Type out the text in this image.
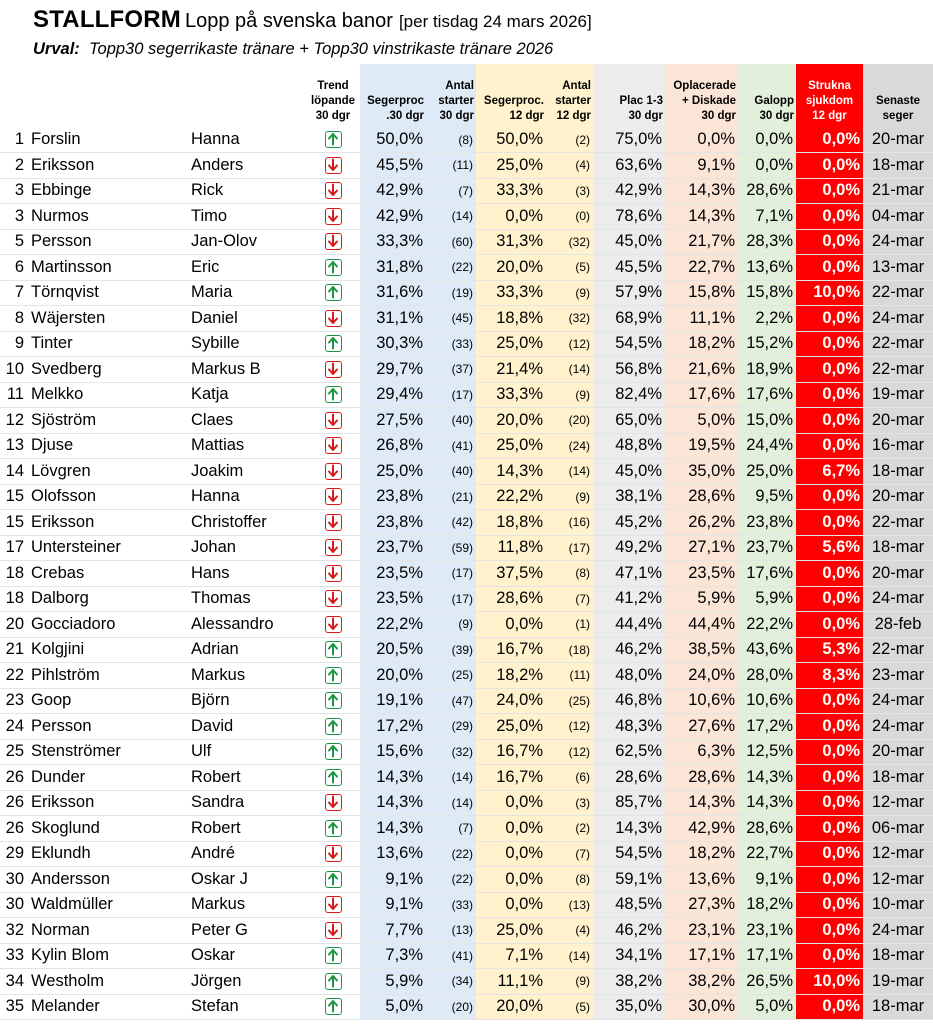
STALLFORM Lopp på svenska banor [per tisdag 24 mars 2026]
Urval: Topp30 segerrikaste tränare + Topp30 vinstrikaste tränare 2026
			Trend
löpande
30 dgr	Segerproc
.30 dgr	Antal
starter
30 dgr	Segerproc.
12 dgr	Antal
starter
12 dgr	Plac 1-3
30 dgr	Oplacerade
+ Diskade
30 dgr	Galopp
30 dgr	Strukna
sjukdom
12 dgr	Senaste
seger
1	Forslin	Hanna		50,0%	(8)	50,0%	(2)	75,0%	0,0%	0,0%	0,0%	20-mar
2	Eriksson	Anders		45,5%	(11)	25,0%	(4)	63,6%	9,1%	0,0%	0,0%	18-mar
3	Ebbinge	Rick		42,9%	(7)	33,3%	(3)	42,9%	14,3%	28,6%	0,0%	21-mar
3	Nurmos	Timo		42,9%	(14)	0,0%	(0)	78,6%	14,3%	7,1%	0,0%	04-mar
5	Persson	Jan-Olov		33,3%	(60)	31,3%	(32)	45,0%	21,7%	28,3%	0,0%	24-mar
6	Martinsson	Eric		31,8%	(22)	20,0%	(5)	45,5%	22,7%	13,6%	0,0%	13-mar
7	Törnqvist	Maria		31,6%	(19)	33,3%	(9)	57,9%	15,8%	15,8%	10,0%	22-mar
8	Wäjersten	Daniel		31,1%	(45)	18,8%	(32)	68,9%	11,1%	2,2%	0,0%	24-mar
9	Tinter	Sybille		30,3%	(33)	25,0%	(12)	54,5%	18,2%	15,2%	0,0%	22-mar
10	Svedberg	Markus B		29,7%	(37)	21,4%	(14)	56,8%	21,6%	18,9%	0,0%	22-mar
11	Melkko	Katja		29,4%	(17)	33,3%	(9)	82,4%	17,6%	17,6%	0,0%	19-mar
12	Sjöström	Claes		27,5%	(40)	20,0%	(20)	65,0%	5,0%	15,0%	0,0%	20-mar
13	Djuse	Mattias		26,8%	(41)	25,0%	(24)	48,8%	19,5%	24,4%	0,0%	16-mar
14	Lövgren	Joakim		25,0%	(40)	14,3%	(14)	45,0%	35,0%	25,0%	6,7%	18-mar
15	Olofsson	Hanna		23,8%	(21)	22,2%	(9)	38,1%	28,6%	9,5%	0,0%	20-mar
15	Eriksson	Christoffer		23,8%	(42)	18,8%	(16)	45,2%	26,2%	23,8%	0,0%	22-mar
17	Untersteiner	Johan		23,7%	(59)	11,8%	(17)	49,2%	27,1%	23,7%	5,6%	18-mar
18	Crebas	Hans		23,5%	(17)	37,5%	(8)	47,1%	23,5%	17,6%	0,0%	20-mar
18	Dalborg	Thomas		23,5%	(17)	28,6%	(7)	41,2%	5,9%	5,9%	0,0%	24-mar
20	Gocciadoro	Alessandro		22,2%	(9)	0,0%	(1)	44,4%	44,4%	22,2%	0,0%	28-feb
21	Kolgjini	Adrian		20,5%	(39)	16,7%	(18)	46,2%	38,5%	43,6%	5,3%	22-mar
22	Pihlström	Markus		20,0%	(25)	18,2%	(11)	48,0%	24,0%	28,0%	8,3%	23-mar
23	Goop	Björn		19,1%	(47)	24,0%	(25)	46,8%	10,6%	10,6%	0,0%	24-mar
24	Persson	David		17,2%	(29)	25,0%	(12)	48,3%	27,6%	17,2%	0,0%	24-mar
25	Stenströmer	Ulf		15,6%	(32)	16,7%	(12)	62,5%	6,3%	12,5%	0,0%	20-mar
26	Dunder	Robert		14,3%	(14)	16,7%	(6)	28,6%	28,6%	14,3%	0,0%	18-mar
26	Eriksson	Sandra		14,3%	(14)	0,0%	(3)	85,7%	14,3%	14,3%	0,0%	12-mar
26	Skoglund	Robert		14,3%	(7)	0,0%	(2)	14,3%	42,9%	28,6%	0,0%	06-mar
29	Eklundh	André		13,6%	(22)	0,0%	(7)	54,5%	18,2%	22,7%	0,0%	12-mar
30	Andersson	Oskar J		9,1%	(22)	0,0%	(8)	59,1%	13,6%	9,1%	0,0%	12-mar
30	Waldmüller	Markus		9,1%	(33)	0,0%	(13)	48,5%	27,3%	18,2%	0,0%	10-mar
32	Norman	Peter G		7,7%	(13)	25,0%	(4)	46,2%	23,1%	23,1%	0,0%	24-mar
33	Kylin Blom	Oskar		7,3%	(41)	7,1%	(14)	34,1%	17,1%	17,1%	0,0%	18-mar
34	Westholm	Jörgen		5,9%	(34)	11,1%	(9)	38,2%	38,2%	26,5%	10,0%	19-mar
35	Melander	Stefan		5,0%	(20)	20,0%	(5)	35,0%	30,0%	5,0%	0,0%	18-mar
